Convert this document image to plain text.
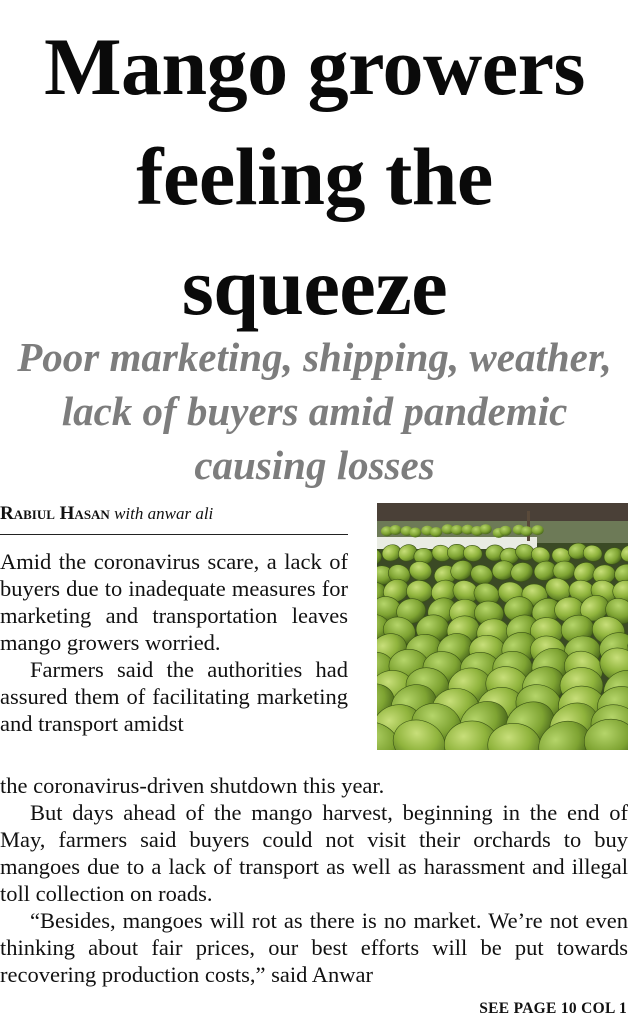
Mango growers feeling the squeeze
Poor marketing, shipping, weather, lack of buyers amid pandemic causing losses
Rabiul Hasan with anwar ali

Amid the coronavirus scare, a lack of buyers due to inadequate measures for marketing and transportation leaves mango growers worried.

Farmers said the authorities had assured them of facilitating marketing and transport amidst

the coronavirus-driven shutdown this year.

But days ahead of the mango harvest, beginning in the end of May, farmers said buyers could not visit their orchards to buy mangoes due to a lack of transport as well as harassment and illegal toll collection on roads.

“Besides, mangoes will rot as there is no market. We’re not even thinking about fair prices, our best efforts will be put towards recovering production costs,” said Anwar

SEE PAGE 10 COL 1
